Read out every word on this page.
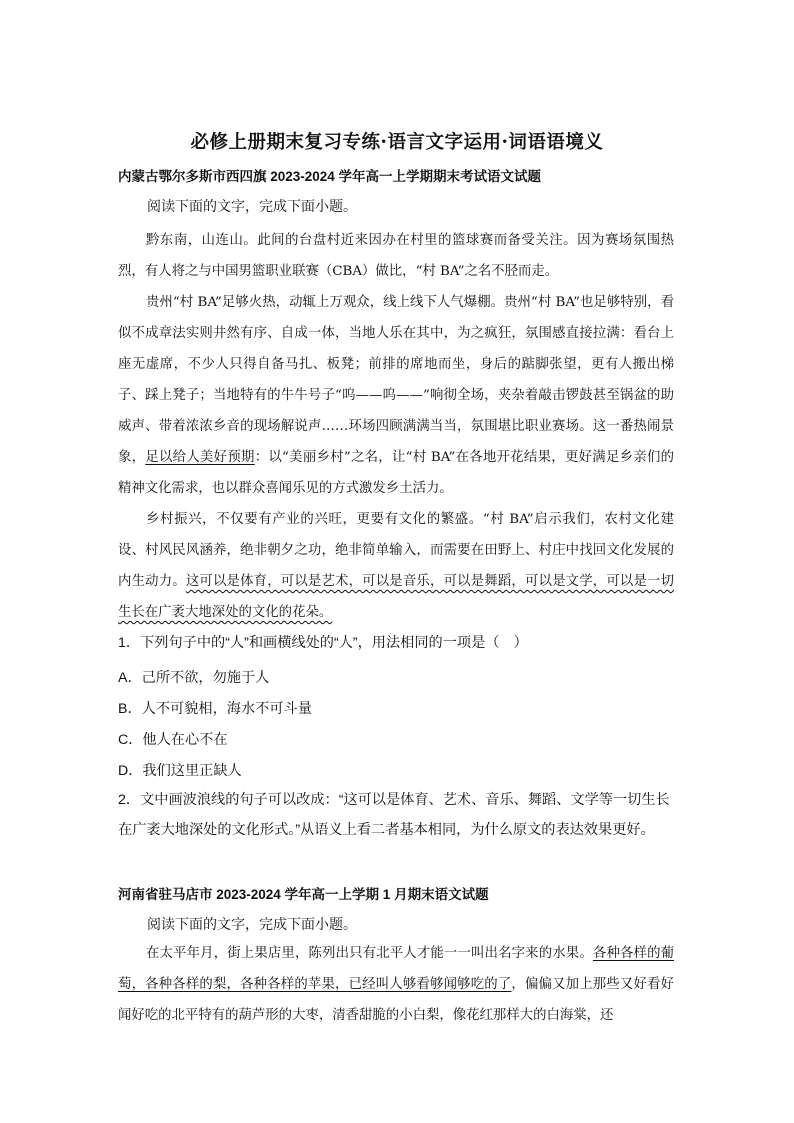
必修上册期末复习专练·语言文字运用·词语语境义
内蒙古鄂尔多斯市西四旗 2023-2024 学年高一上学期期末考试语文试题
阅读下面的文字，完成下面小题。

黔东南，山连山。此间的台盘村近来因办在村里的篮球赛而备受关注。因为赛场氛围热烈，有人将之与中国男篮职业联赛（CBA）做比，“村 BA”之名不胫而走。

贵州“村 BA”足够火热，动辄上万观众，线上线下人气爆棚。贵州“村 BA”也足够特别，看似不成章法实则井然有序、自成一体，当地人乐在其中，为之疯狂，氛围感直接拉满：看台上座无虚席，不少人只得自备马扎、板凳；前排的席地而坐，身后的踮脚张望，更有人搬出梯子、踩上凳子；当地特有的牛牛号子“呜——呜——”响彻全场，夹杂着敲击锣鼓甚至锅盆的助威声、带着浓浓乡音的现场解说声……环场四顾满满当当，氛围堪比职业赛场。这一番热闹景象，足以给人美好预期：以“美丽乡村”之名，让“村 BA”在各地开花结果，更好满足乡亲们的精神文化需求，也以群众喜闻乐见的方式激发乡土活力。

乡村振兴，不仅要有产业的兴旺，更要有文化的繁盛。“村 BA”启示我们，农村文化建设、村风民风涵养，绝非朝夕之功，绝非简单输入，而需要在田野上、村庄中找回文化发展的内生动力。这可以是体育，可以是艺术，可以是音乐，可以是舞蹈，可以是文学，可以是一切生长在广袤大地深处的文化的花朵。

1．下列句子中的“人”和画横线处的“人”，用法相同的一项是（　）

A．己所不欲，勿施于人
B．人不可貌相，海水不可斗量
C．他人在心不在
D．我们这里正缺人

2．文中画波浪线的句子可以改成：“这可以是体育、艺术、音乐、舞蹈、文学等一切生长在广袤大地深处的文化形式。”从语义上看二者基本相同，为什么原文的表达效果更好。

河南省驻马店市 2023-2024 学年高一上学期 1 月期末语文试题
阅读下面的文字，完成下面小题。

在太平年月，街上果店里，陈列出只有北平人才能一一叫出名字来的水果。各种各样的葡萄，各种各样的梨，各种各样的苹果，已经叫人够看够闻够吃的了，偏偏又加上那些又好看好闻好吃的北平特有的葫芦形的大枣，清香甜脆的小白梨，像花红那样大的白海棠，还
